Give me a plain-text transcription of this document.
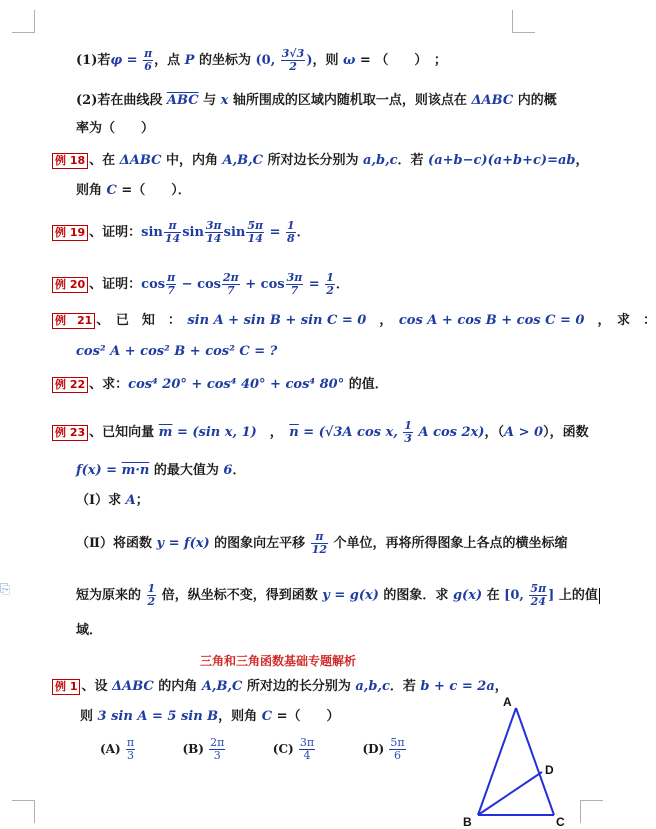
⎘
(1)若$\varphi = \frac{\pi}{6}$ ，点 P 的坐标为 (0, $\frac{3√3}{2}$ )，则 ω = （　　）　；
(2)若在曲线段 $\overline{ABC}$ 与 x 轴所围成的区域内随机取一点，则该点在 ΔABC 内的概
率为（　　）
例 18 、在 ΔABC 中，内角 A,B,C 所对边长分别为 a,b,c．若 (a+b−c)(a+b+c)=ab，
则角 C =（　　）．
例 19 、证明：$\sin \frac{\pi}{14}$ $\sin \frac{3\pi}{14}$ $\sin \frac{5\pi}{14} = \frac{1}{8}$ ．
例 20 、证明：$\cos \frac{\pi}{7} - \cos \frac{2\pi}{7} + \cos \frac{3\pi}{7} = \frac{1}{2}$ ．
例　21 、　已　知　：　sin A + sin B + sin C = 0　，　cos A + cos B + cos C = 0　，　求　：
cos² A + cos² B + cos² C = ?
例 22 、求：cos⁴ 20° + cos⁴ 40° + cos⁴ 80° 的值．
例 23 、已知向量 $\overline{m} = (\sin$ x, 1)　，　$\overline{n} = (√3A$ cos x, $\frac{1}{3}$ A cos 2x)，（A > 0），函数
f(x) = m·n 的最大值为 6．
（Ⅰ）求 A；
（Ⅱ）将函数 y = f(x) 的图象向左平移 $\frac{\pi}{12}$ 个单位，再将所得图象上各点的横坐标缩
短为原来的 $\frac{1}{2}$ 倍，纵坐标不变，得到函数 y = g(x) 的图象．求 g(x) 在 [0, $\frac{5\pi}{24}$ ] 上的值
域．
三角和三角函数基础专题解析
例 1 、设 ΔABC 的内角 A,B,C 所对边的长分别为 a,b,c．若 b + c = 2a，
则 3 sin A = 5 sin B，则角 C =（　　）
$(A) \frac{\pi}{3}$	$(B) \frac{2\pi}{3}$	$(C) \frac{3\pi}{4}$	$(D) \frac{5\pi}{6}$
A
B	C
D
